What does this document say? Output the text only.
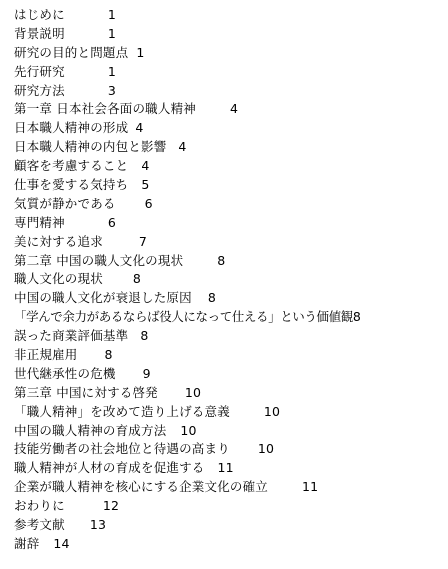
はじめに	1
背景説明	1
研究の目的と問題点 1
先行研究	1
研究方法	3
第一章 日本社会各面の職人精神	4
日本職人精神の形成 4
日本職人精神の内包と影響 4
顧客を考慮すること 4
仕事を愛する気持ち 5
気質が静かである 6
専門精神	6
美に対する追求	7
第二章 中国の職人文化の現状	8
職人文化の現状 8
中国の職人文化が衰退した原因 8
「学んで余力があるならば役人になって仕える」という価値観8
誤った商業評価基準 8
非正規雇用 8
世代継承性の危機 9
第三章 中国に対する啓発 10
「職人精神」を改めて造り上げる意義	10
中国の職人精神の育成方法 10
技能労働者の社会地位と待遇の高まり 10
職人精神が人材の育成を促進する 11
企業が職人精神を核心にする企業文化の確立	11
おわりに	12
参考文献 13
謝辞 14
